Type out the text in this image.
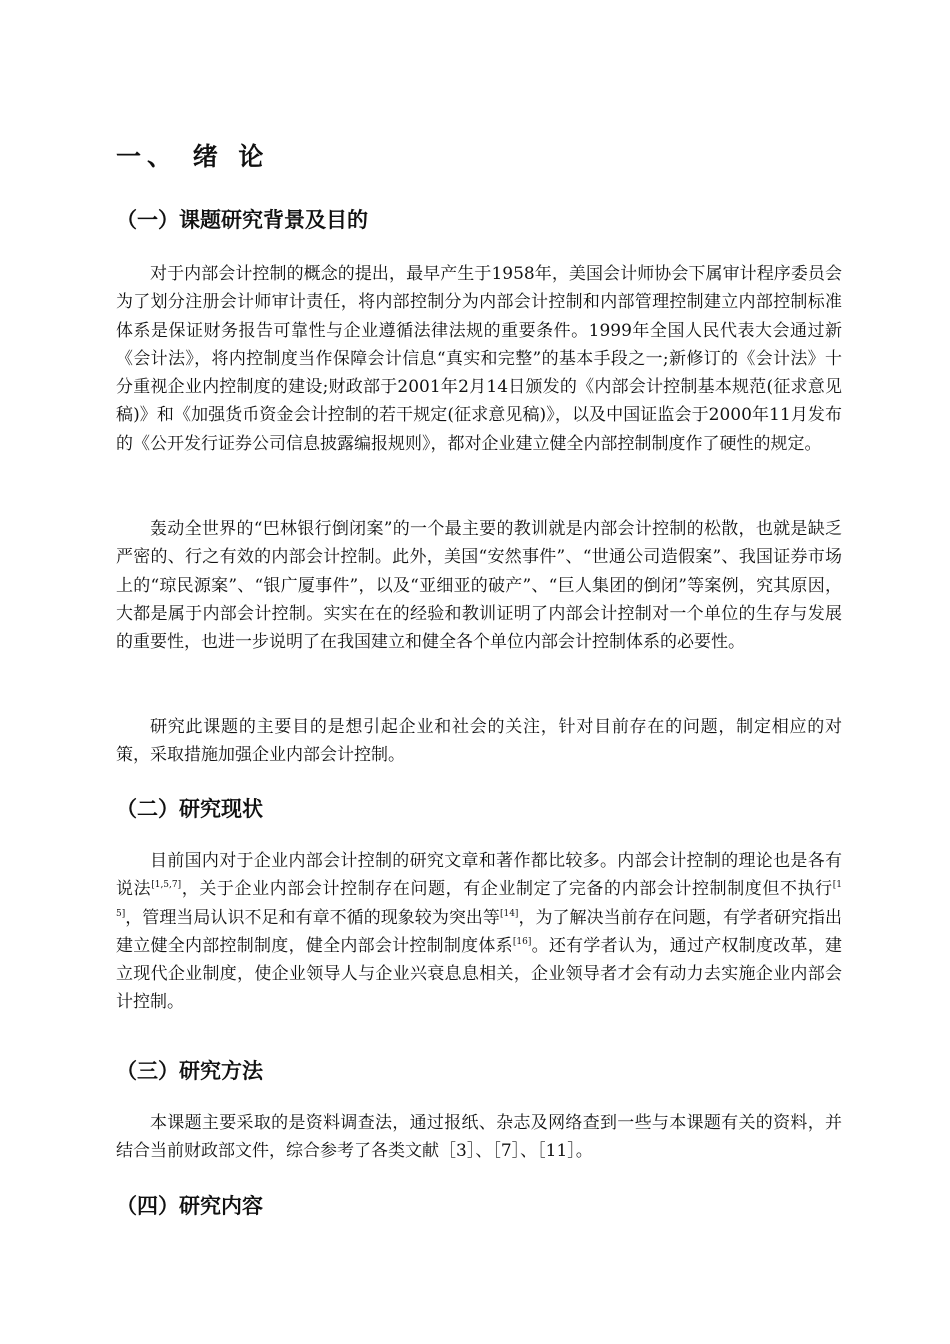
一、 绪 论
（一）课题研究背景及目的

对于内部会计控制的概念的提出，最早产生于1958年，美国会计师协会下属审计程序委员会为了划分注册会计师审计责任，将内部控制分为内部会计控制和内部管理控制建立内部控制标准体系是保证财务报告可靠性与企业遵循法律法规的重要条件。1999年全国人民代表大会通过新《会计法》，将内控制度当作保障会计信息“真实和完整”的基本手段之一;新修订的《会计法》十分重视企业内控制度的建设;财政部于2001年2月14日颁发的《内部会计控制基本规范(征求意见稿)》和《加强货币资金会计控制的若干规定(征求意见稿)》，以及中国证监会于2000年11月发布的《公开发行证券公司信息披露编报规则》，都对企业建立健全内部控制制度作了硬性的规定。

轰动全世界的“巴林银行倒闭案”的一个最主要的教训就是内部会计控制的松散，也就是缺乏严密的、行之有效的内部会计控制。此外，美国“安然事件”、“世通公司造假案”、我国证券市场上的“琼民源案”、“银广厦事件”，以及“亚细亚的破产”、“巨人集团的倒闭”等案例，究其原因，大都是属于内部会计控制。实实在在的经验和教训证明了内部会计控制对一个单位的生存与发展的重要性，也进一步说明了在我国建立和健全各个单位内部会计控制体系的必要性。

研究此课题的主要目的是想引起企业和社会的关注，针对目前存在的问题，制定相应的对策，采取措施加强企业内部会计控制。

（二）研究现状

目前国内对于企业内部会计控制的研究文章和著作都比较多。内部会计控制的理论也是各有说法[1,5,7]，关于企业内部会计控制存在问题，有企业制定了完备的内部会计控制制度但不执行[15]，管理当局认识不足和有章不循的现象较为突出等[14]，为了解决当前存在问题，有学者研究指出建立健全内部控制制度，健全内部会计控制制度体系[16]。还有学者认为，通过产权制度改革，建立现代企业制度，使企业领导人与企业兴衰息息相关，企业领导者才会有动力去实施企业内部会计控制。

（三）研究方法

本课题主要采取的是资料调查法，通过报纸、杂志及网络查到一些与本课题有关的资料，并结合当前财政部文件，综合参考了各类文献［3］、［7］、［11］。

（四）研究内容
